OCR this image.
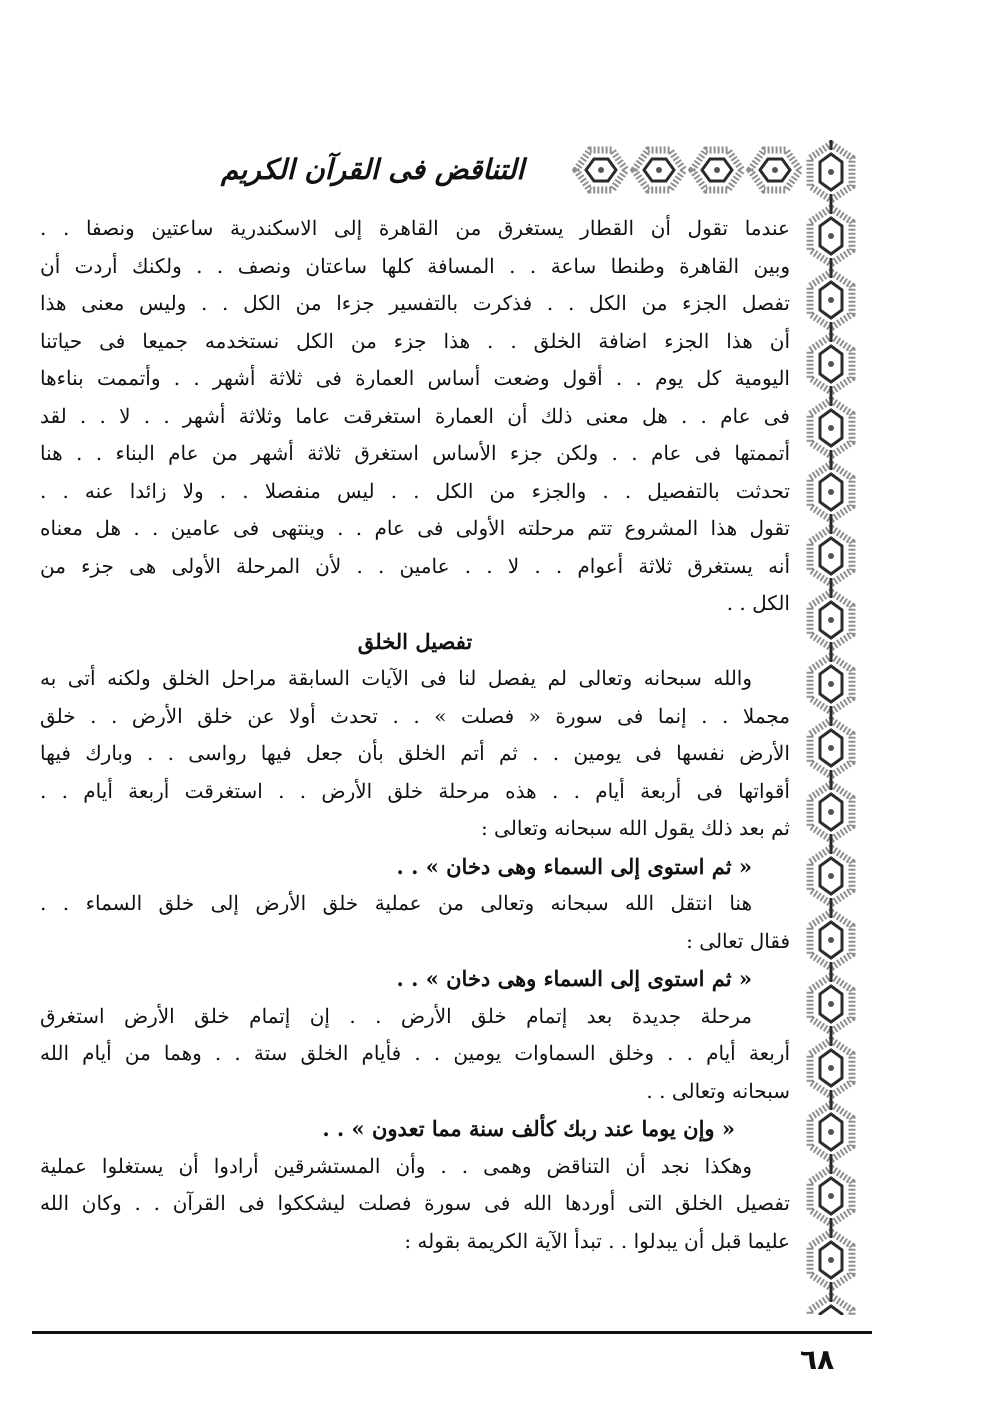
التناقض فى القرآن الكريم
عندما تقول أن القطار يستغرق من القاهرة إلى الاسكندرية ساعتين ونصفا . .
وبين القاهرة وطنطا ساعة . . المسافة كلها ساعتان ونصف . . ولكنك أردت أن
تفصل الجزء من الكل . . فذكرت بالتفسير جزءا من الكل . . وليس معنى هذا
أن هذا الجزء اضافة الخلق . . هذا جزء من الكل نستخدمه جميعا فى حياتنا
اليومية كل يوم . . أقول وضعت أساس العمارة فى ثلاثة أشهر . . وأتممت بناءها
فى عام . . هل معنى ذلك أن العمارة استغرقت عاما وثلاثة أشهر . . لا . . لقد
أتممتها فى عام . . ولكن جزء الأساس استغرق ثلاثة أشهر من عام البناء . . هنا
تحدثت بالتفصيل . . والجزء من الكل . . ليس منفصلا . . ولا زائدا عنه . .
تقول هذا المشروع تتم مرحلته الأولى فى عام . . وينتهى فى عامين . . هل معناه
أنه يستغرق ثلاثة أعوام . . لا . . عامين . . لأن المرحلة الأولى هى جزء من
الكل . .
تفصيل الخلق
والله سبحانه وتعالى لم يفصل لنا فى الآيات السابقة مراحل الخلق ولكنه أتى به
مجملا . . إنما فى سورة « فصلت » . . تحدث أولا عن خلق الأرض . . خلق
الأرض نفسها فى يومين . . ثم أتم الخلق بأن جعل فيها رواسى . . وبارك فيها
أقواتها فى أربعة أيام . . هذه مرحلة خلق الأرض . . استغرقت أربعة أيام . .
ثم بعد ذلك يقول الله سبحانه وتعالى :
« ثم استوى إلى السماء وهى دخان » . .
هنا انتقل الله سبحانه وتعالى من عملية خلق الأرض إلى خلق السماء . .
فقال تعالى :
« ثم استوى إلى السماء وهى دخان » . .
مرحلة جديدة بعد إتمام خلق الأرض . . إن إتمام خلق الأرض استغرق
أربعة أيام . . وخلق السماوات يومين . . فأيام الخلق ستة . . وهما من أيام الله
سبحانه وتعالى . .
« وإن يوما عند ربك كألف سنة مما تعدون » . .
وهكذا نجد أن التناقض وهمى . . وأن المستشرقين أرادوا أن يستغلوا عملية
تفصيل الخلق التى أوردها الله فى سورة فصلت ليشككوا فى القرآن . . وكان الله
عليما قبل أن يبدلوا . . تبدأ الآية الكريمة بقوله :
٦٨
